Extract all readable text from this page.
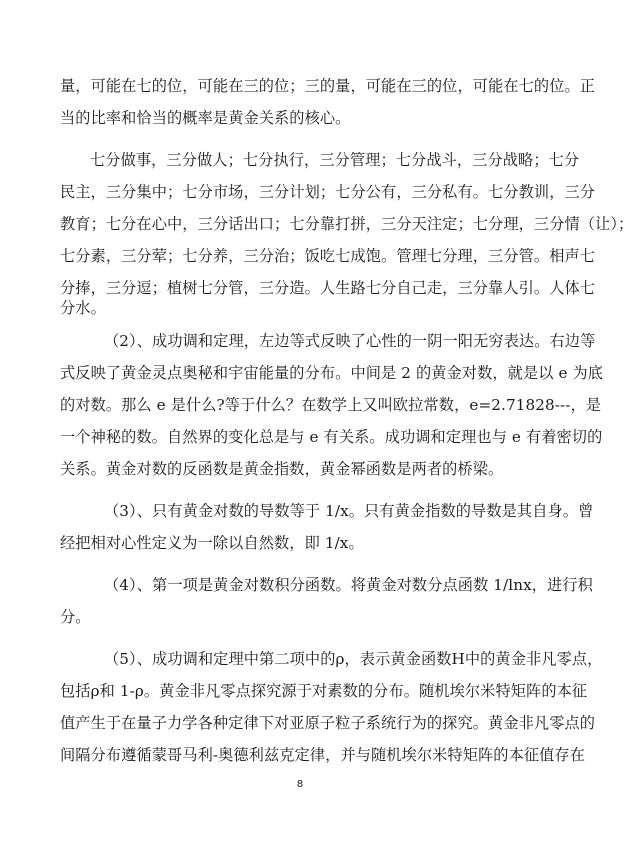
量，可能在七的位，可能在三的位；三的量，可能在三的位，可能在七的位。正
当的比率和恰当的概率是黄金关系的核心。
七分做事，三分做人；七分执行，三分管理；七分战斗，三分战略；七分
民主，三分集中；七分市场，三分计划；七分公有，三分私有。七分教训，三分
教育；七分在心中，三分话出口；七分靠打拼，三分天注定；七分理，三分情（让）；
七分素，三分荤；七分养，三分治；饭吃七成饱。管理七分理，三分管。相声七
分捧，三分逗；植树七分管，三分造。人生路七分自己走，三分靠人引。人体七
分水。
（2）、成功调和定理，左边等式反映了心性的一阴一阳无穷表达。右边等
式反映了黄金灵点奥秘和宇宙能量的分布。中间是 2 的黄金对数，就是以 e 为底
的对数。那么 e 是什么?等于什么？在数学上又叫欧拉常数，e=2.71828---，是
一个神秘的数。自然界的变化总是与 e 有关系。成功调和定理也与 e 有着密切的
关系。黄金对数的反函数是黄金指数，黄金幂函数是两者的桥梁。
（3）、只有黄金对数的导数等于 1/x。只有黄金指数的导数是其自身。曾
经把相对心性定义为一除以自然数，即 1/x。
（4）、第一项是黄金对数积分函数。将黄金对数分点函数 1/lnx，进行积
分。
（5）、成功调和定理中第二项中的ρ，表示黄金函数H中的黄金非凡零点，
包括ρ和 1-ρ。黄金非凡零点探究源于对素数的分布。随机埃尔米特矩阵的本征
值产生于在量子力学各种定律下对亚原子粒子系统行为的探究。黄金非凡零点的
间隔分布遵循蒙哥马利-奥德利兹克定律，并与随机埃尔米特矩阵的本征值存在
8
